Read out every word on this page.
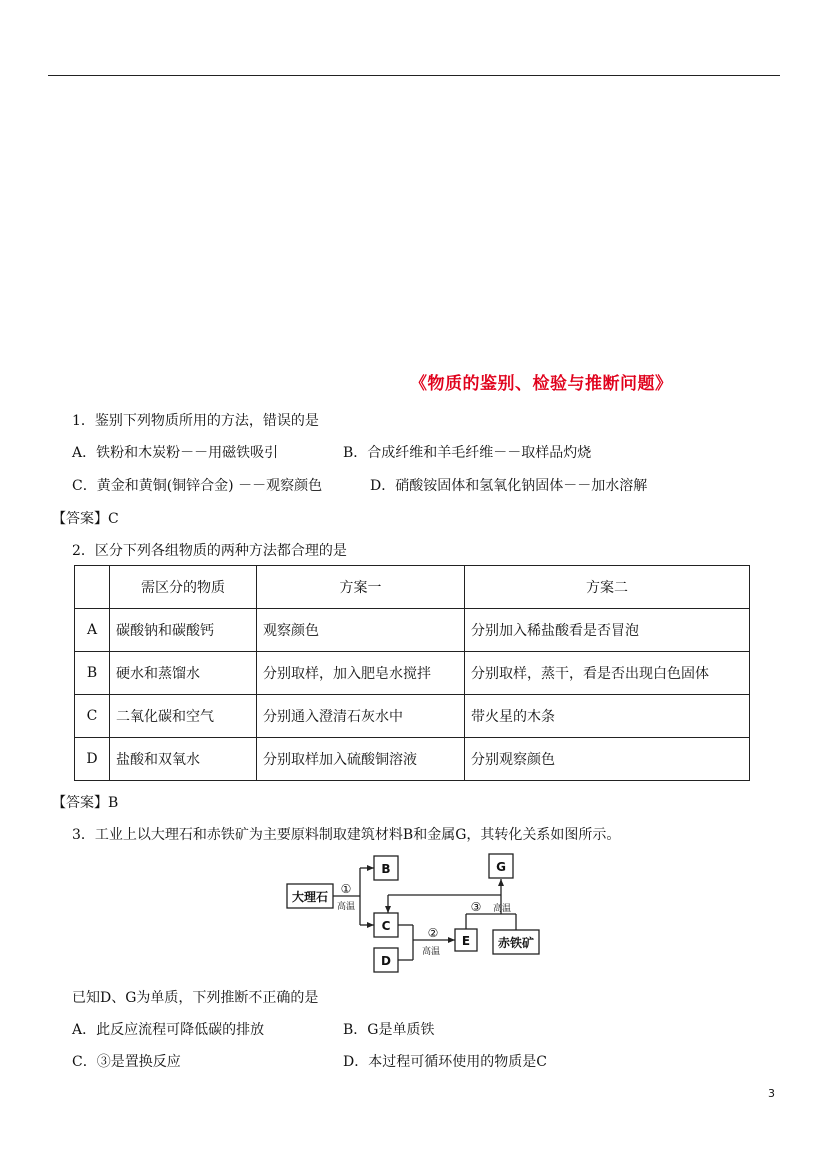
《物质的鉴别、检验与推断问题》
1．鉴别下列物质所用的方法，错误的是
A．铁粉和木炭粉－－用磁铁吸引	B．合成纤维和羊毛纤维－－取样品灼烧
C．黄金和黄铜(铜锌合金) －－观察颜色	D．硝酸铵固体和氢氧化钠固体－－加水溶解
【答案】C
2．区分下列各组物质的两种方法都合理的是
	需区分的物质	方案一	方案二
A	碳酸钠和碳酸钙	观察颜色	分别加入稀盐酸看是否冒泡
B	硬水和蒸馏水	分别取样，加入肥皂水搅拌	分别取样，蒸干，看是否出现白色固体
C	二氧化碳和空气	分别通入澄清石灰水中	带火星的木条
D	盐酸和双氧水	分别取样加入硫酸铜溶液	分别观察颜色
【答案】B
3．工业上以大理石和赤铁矿为主要原料制取建筑材料B和金属G，其转化关系如图所示。
大理石
B
C
D
E
G
赤铁矿
①
高温
②
高温
③ 高温
已知D、G为单质，下列推断不正确的是
A．此反应流程可降低碳的排放	B．G是单质铁
C．③是置换反应	D．本过程可循环使用的物质是C
3
